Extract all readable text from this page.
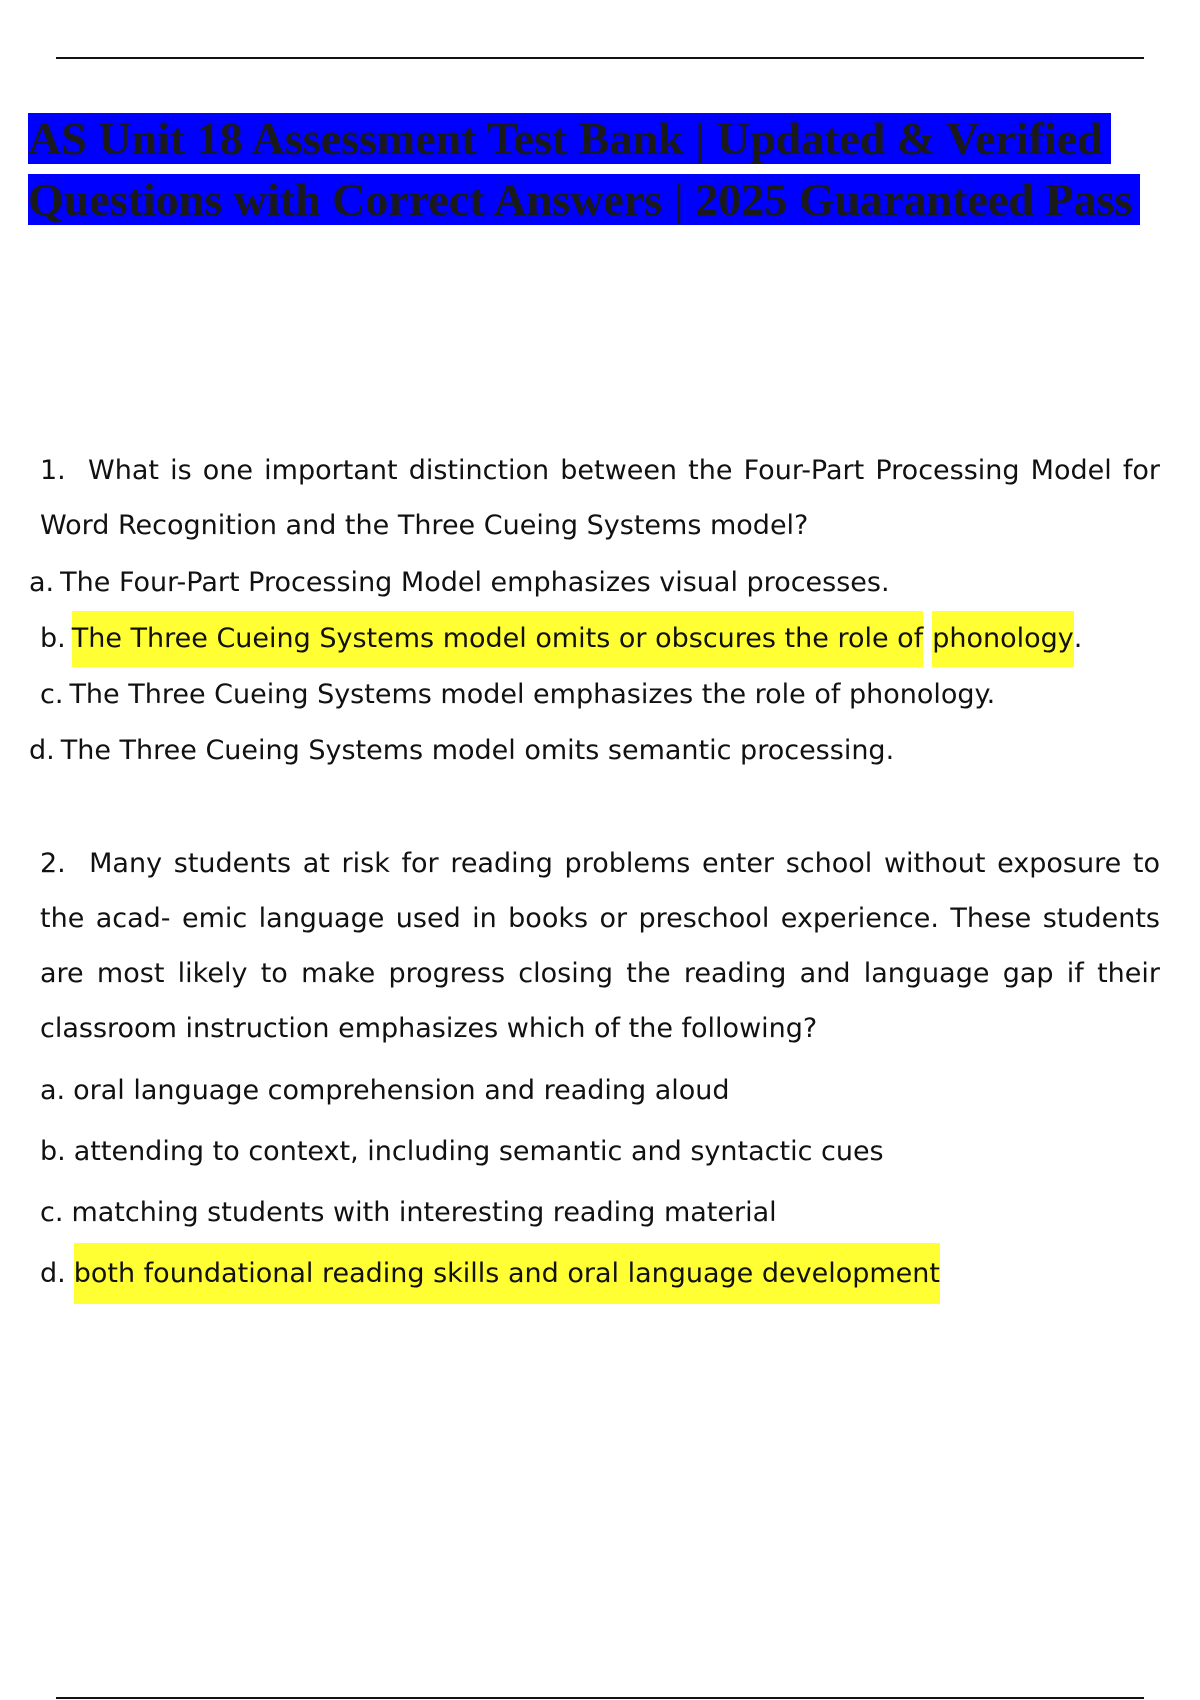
AS Unit 18 Assessment Test Bank | Updated & Verified Questions with Correct Answers | 2025 Guaranteed Pass

1. What is one important distinction between the Four-Part Processing Model for Word Recognition and the Three Cueing Systems model?

a. The Four-Part Processing Model emphasizes visual processes.
b. The Three Cueing Systems model omits or obscures the role of phonology .
c. The Three Cueing Systems model emphasizes the role of phonology.
d. The Three Cueing Systems model omits semantic processing.

2. Many students at risk for reading problems enter school without exposure to the acad- emic language used in books or preschool experience. These students are most likely to make progress closing the reading and language gap if their classroom instruction emphasizes which of the following?

a. oral language comprehension and reading aloud
b. attending to context, including semantic and syntactic cues
c. matching students with interesting reading material
d. both foundational reading skills and oral language development
